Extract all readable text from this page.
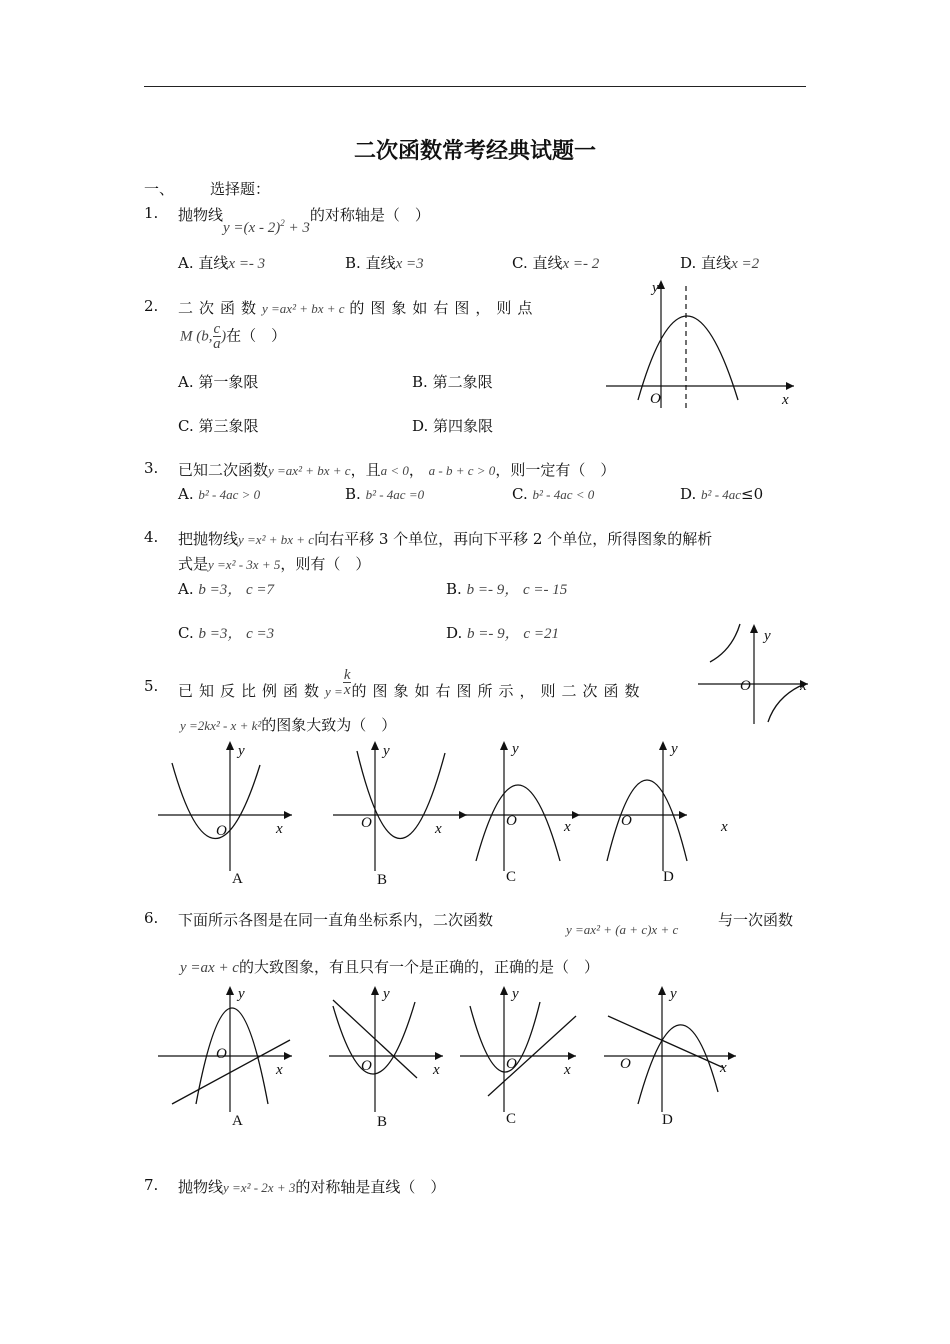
二次函数常考经典试题一
一、 选择题：
1. 抛物线y =(x - 2)$^2$ + 3的对称轴是（　）
A. 直线x =- 3	B. 直线x =3	C. 直线x =- 2	D. 直线x =2
2. 二次函数y =ax² + bx + c 的图象如右图，则点
M (b, $\frac{c}{a}$ )在（　）
A. 第一象限	B. 第二象限
C. 第三象限	D. 第四象限
y
x
O
3. 已知二次函数y =ax² + bx + c，且a < 0， a - b + c > 0，则一定有（　）
A. b² - 4ac > 0	B. b² - 4ac =0	C. b² - 4ac < 0	D. b² - 4ac≤0
4. 把抛物线y =x² + bx + c向右平移 3 个单位，再向下平移 2 个单位，所得图象的解析
式是y =x² - 3x + 5，则有（　）
A. b =3， c =7	B. b =- 9， c =- 15
C. b =3， c =3	D. b =- 9， c =21
5. 已知反比例函数$y = \frac{k}{x}$ 的图象如右图所示，则二次函数
y =2kx² - x + k²的图象大致为（　）
y
x
O
y
x
O
A
y
x
O
B
y
x
O
C
y
x
O
D
6. 下面所示各图是在同一直角坐标系内，二次函数
y =ax² + (a + c)x + c
与一次函数
y =ax + c的大致图象，有且只有一个是正确的，正确的是（　）
y
x
O
A
y
x
O
B
y
x
O
C
y
x
O
D
7. 抛物线y =x² - 2x + 3的对称轴是直线（　）
